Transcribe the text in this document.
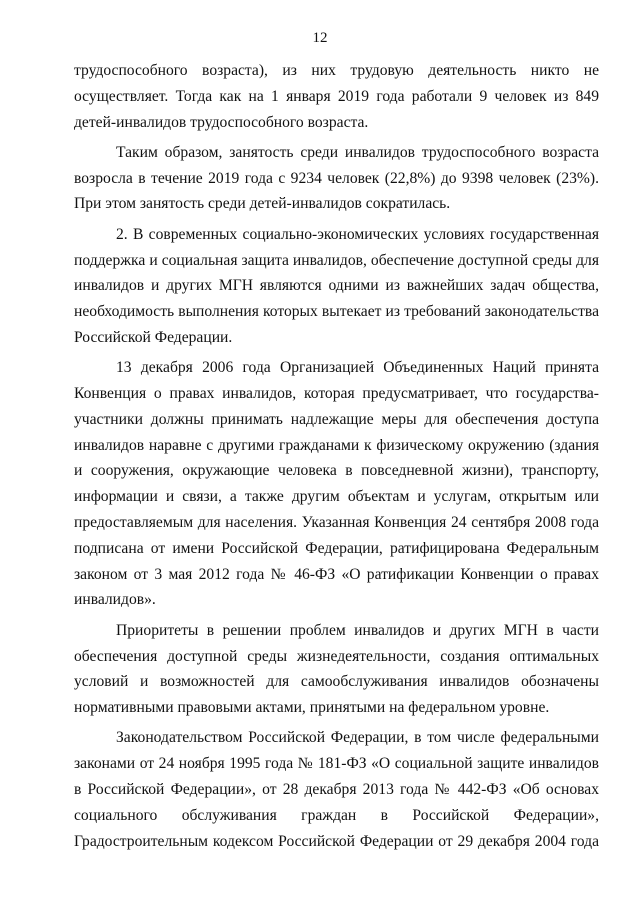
12

трудоспособного возраста), из них трудовую деятельность никто не осуществляет. Тогда как на 1 января 2019 года работали 9 человек из 849 детей-инвалидов трудоспособного возраста.

Таким образом, занятость среди инвалидов трудоспособного возраста возросла в течение 2019 года с 9234 человек (22,8%) до 9398 человек (23%). При этом занятость среди детей-инвалидов сократилась.

2. В современных социально-экономических условиях государственная поддержка и социальная защита инвалидов, обеспечение доступной среды для инвалидов и других МГН являются одними из важнейших задач общества, необходимость выполнения которых вытекает из требований законодательства Российской Федерации.

13 декабря 2006 года Организацией Объединенных Наций принята Конвенция о правах инвалидов, которая предусматривает, что государства-участники должны принимать надлежащие меры для обеспечения доступа инвалидов наравне с другими гражданами к физическому окружению (здания и сооружения, окружающие человека в повседневной жизни), транспорту, информации и связи, а также другим объектам и услугам, открытым или предоставляемым для населения. Указанная Конвенция 24 сентября 2008 года подписана от имени Российской Федерации, ратифицирована Федеральным законом от 3 мая 2012 года № 46-ФЗ «О ратификации Конвенции о правах инвалидов».

Приоритеты в решении проблем инвалидов и других МГН в части обеспечения доступной среды жизнедеятельности, создания оптимальных условий и возможностей для самообслуживания инвалидов обозначены нормативными правовыми актами, принятыми на федеральном уровне.

Законодательством Российской Федерации, в том числе федеральными законами от 24 ноября 1995 года № 181-ФЗ «О социальной защите инвалидов в Российской Федерации», от 28 декабря 2013 года № 442-ФЗ «Об основах социального обслуживания граждан в Российской Федерации», Градостроительным кодексом Российской Федерации от 29 декабря 2004 года
